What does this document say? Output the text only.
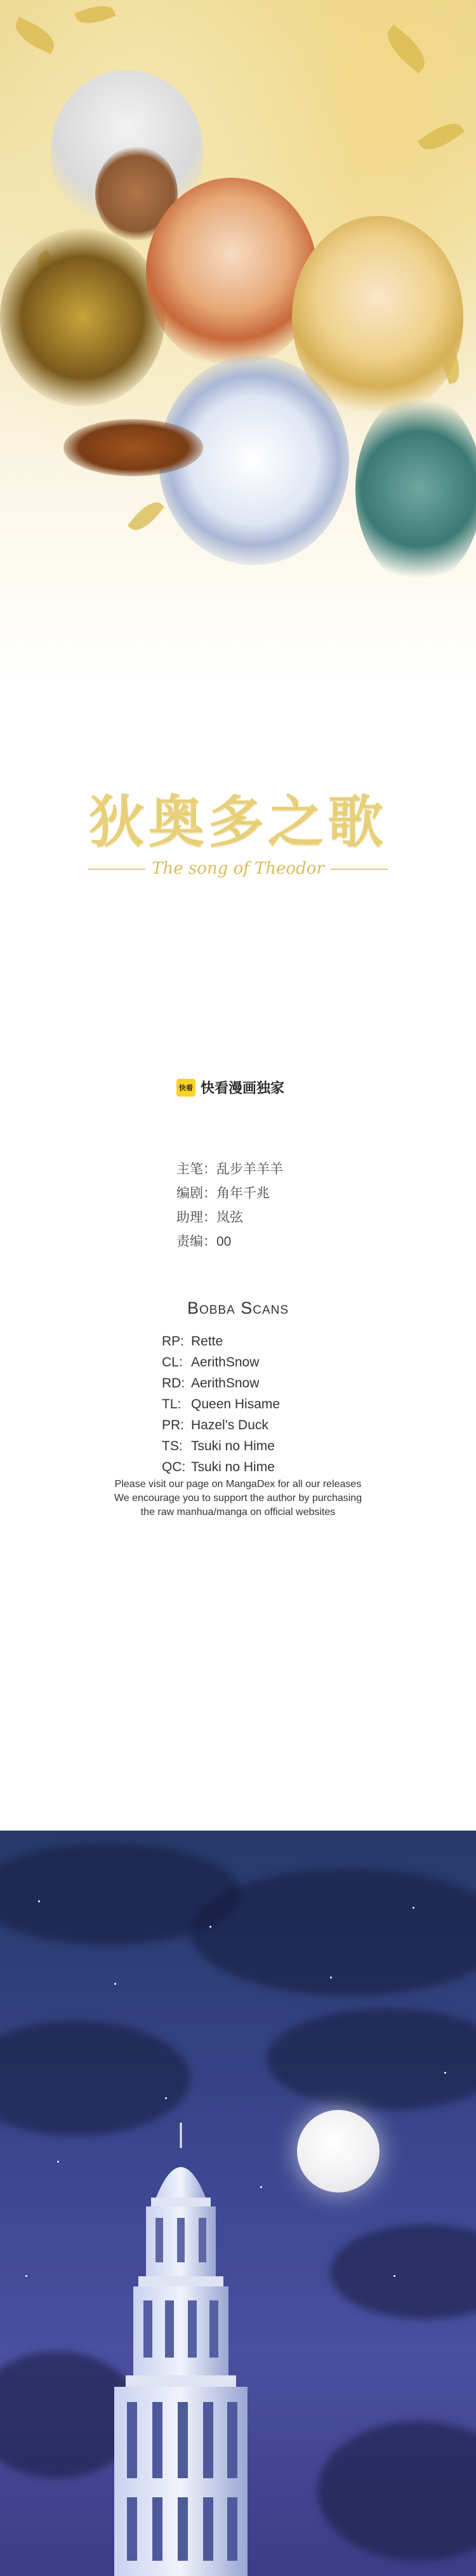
狄奥多之歌
The song of Theodor
快看 快看漫画独家
主笔：乱步羊羊羊
编剧：角年千兆
助理：岚弦
责编：00
Bobba Scans
RP: Rette
CL: AerithSnow
RD: AerithSnow
TL: Queen Hisame
PR: Hazel's Duck
TS: Tsuki no Hime
QC: Tsuki no Hime
Please visit our page on MangaDex for all our releases
We encourage you to support the author by purchasing
the raw manhua/manga on official websites
